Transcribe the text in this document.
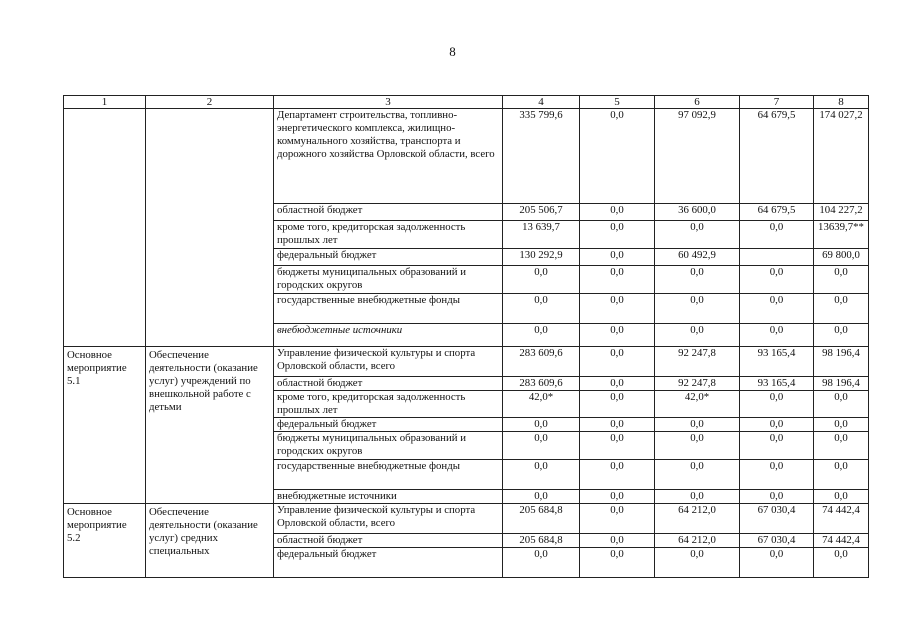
8
1	2	3	4	5	6	7	8
		Департамент строительства, топливно-энергетического комплекса, жилищно-коммунального хозяйства, транспорта и дорожного хозяйства Орловской области, всего	335 799,6	0,0	97 092,9	64 679,5	174 027,2
		областной бюджет	205 506,7	0,0	36 600,0	64 679,5	104 227,2
		кроме того, кредиторская задолженность прошлых лет	13 639,7	0,0	0,0	0,0	13639,7**
		федеральный бюджет	130 292,9	0,0	60 492,9		69 800,0
		бюджеты муниципальных образований и городских округов	0,0	0,0	0,0	0,0	0,0
		государственные внебюджетные фонды	0,0	0,0	0,0	0,0	0,0
		внебюджетные источники	0,0	0,0	0,0	0,0	0,0
Основное мероприятие 5.1	Обеспечение деятельности (оказание услуг) учреждений по внешкольной работе с детьми	Управление физической культуры и спорта Орловской области, всего	283 609,6	0,0	92 247,8	93 165,4	98 196,4
		областной бюджет	283 609,6	0,0	92 247,8	93 165,4	98 196,4
		кроме того, кредиторская задолженность прошлых лет	42,0*	0,0	42,0*	0,0	0,0
		федеральный бюджет	0,0	0,0	0,0	0,0	0,0
		бюджеты муниципальных образований и городских округов	0,0	0,0	0,0	0,0	0,0
		государственные внебюджетные фонды	0,0	0,0	0,0	0,0	0,0
		внебюджетные источники	0,0	0,0	0,0	0,0	0,0
Основное мероприятие 5.2	Обеспечение деятельности (оказание услуг) средних специальных	Управление физической культуры и спорта Орловской области, всего	205 684,8	0,0	64 212,0	67 030,4	74 442,4
		областной бюджет	205 684,8	0,0	64 212,0	67 030,4	74 442,4
		федеральный бюджет	0,0	0,0	0,0	0,0	0,0
